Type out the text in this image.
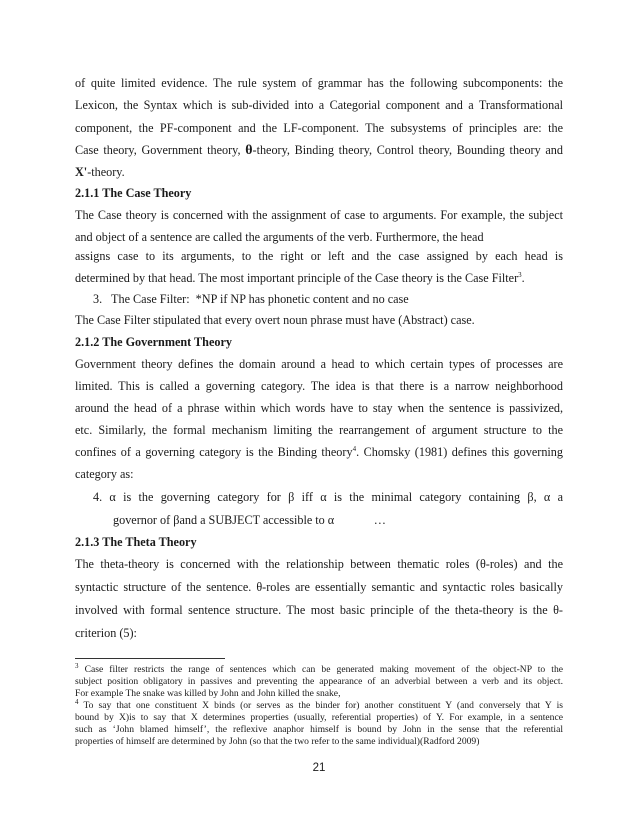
of quite limited evidence. The rule system of grammar has the following subcomponents: the
Lexicon, the Syntax which is sub-divided into a Categorial component and a Transformational
component, the PF-component and the LF-component. The subsystems of principles are: the
Case theory, Government theory, θ-theory, Binding theory, Control theory, Bounding theory and
X'-theory.
2.1.1 The Case Theory
The Case theory is concerned with the assignment of case to arguments. For example, the subject
and object of a sentence are called the arguments of the verb. Furthermore, the head
assigns case to its arguments, to the right or left and the case assigned by each head is
determined by that head. The most important principle of the Case theory is the Case Filter$^3$.
3.   The Case Filter:  *NP if NP has phonetic content and no case
The Case Filter stipulated that every overt noun phrase must have (Abstract) case.
2.1.2 The Government Theory
Government theory defines the domain around a head to which certain types of processes are
limited. This is called a governing category. The idea is that there is a narrow neighborhood
around the head of a phrase within which words have to stay when the sentence is passivized,
etc. Similarly, the formal mechanism limiting the rearrangement of argument structure to the
confines of a governing category is the Binding theory$^4$. Chomsky (1981) defines this governing
category as:
4. α is the governing category for β iff α is the minimal category containing β, α a
governor of βand a SUBJECT accessible to α             …
2.1.3 The Theta Theory
The theta-theory is concerned with the relationship between thematic roles (θ-roles) and the
syntactic structure of the sentence. θ-roles are essentially semantic and syntactic roles basically
involved with formal sentence structure. The most basic principle of the theta-theory is the θ-
criterion (5):
$^3$ Case filter restricts the range of sentences which can be generated making movement of the object-NP to the
subject position obligatory in passives and preventing the appearance of an adverbial between a verb and its object.
For example The snake was killed by John and John killed the snake,
$^4$ To say that one constituent X binds (or serves as the binder for) another constituent Y (and conversely that Y is
bound by X)is to say that X determines properties (usually, referential properties) of Y. For example, in a sentence
such as ‘John blamed himself’, the reflexive anaphor himself is bound by John in the sense that the referential
properties of himself are determined by John (so that the two refer to the same individual)(Radford 2009)
21
